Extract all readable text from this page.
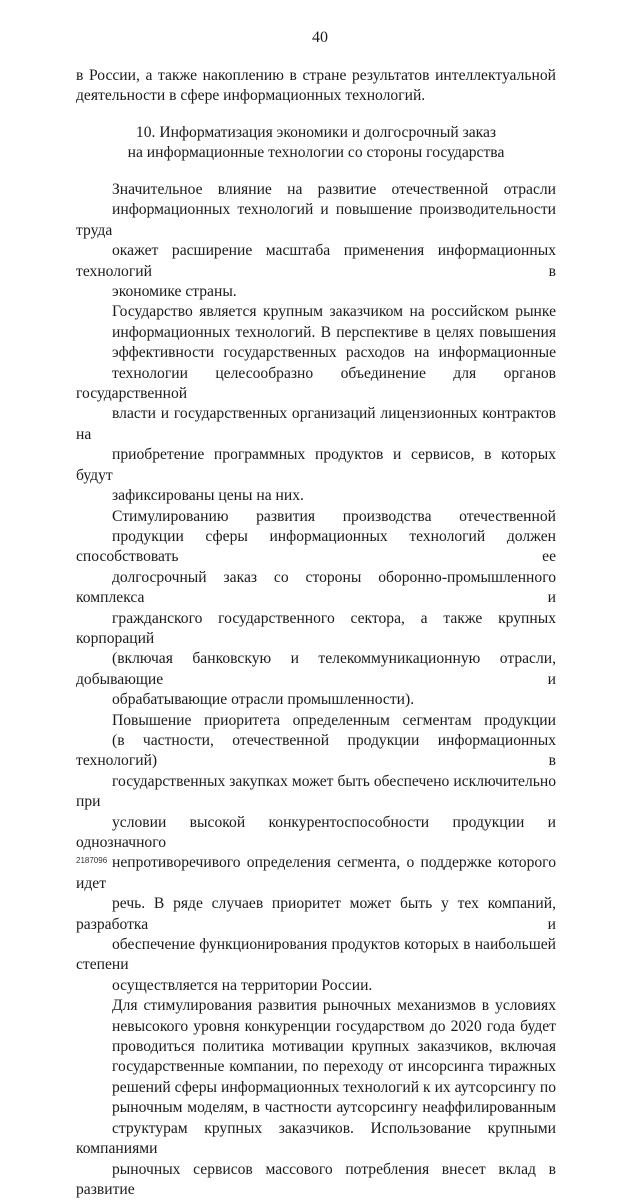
40

в России, а также накоплению в стране результатов интеллектуальной
деятельности в сфере информационных технологий.

10. Информатизация экономики и долгосрочный заказ
на информационные технологии со стороны государства

Значительное влияние на развитие отечественной отрасли
информационных технологий и повышение производительности труда
окажет расширение масштаба применения информационных технологий в
экономике страны.

Государство является крупным заказчиком на российском рынке
информационных технологий. В перспективе в целях повышения
эффективности государственных расходов на информационные
технологии целесообразно объединение для органов государственной
власти и государственных организаций лицензионных контрактов на
приобретение программных продуктов и сервисов, в которых будут
зафиксированы цены на них.

Стимулированию развития производства отечественной
продукции сферы информационных технологий должен способствовать ее
долгосрочный заказ со стороны оборонно-промышленного комплекса и
гражданского государственного сектора, а также крупных корпораций
(включая банковскую и телекоммуникационную отрасли, добывающие и
обрабатывающие отрасли промышленности).

Повышение приоритета определенным сегментам продукции
(в частности, отечественной продукции информационных технологий) в
государственных закупках может быть обеспечено исключительно при
условии высокой конкурентоспособности продукции и однозначного
непротиворечивого определения сегмента, о поддержке которого идет
речь. В ряде случаев приоритет может быть у тех компаний, разработка и
обеспечение функционирования продуктов которых в наибольшей степени
осуществляется на территории России.

Для стимулирования развития рыночных механизмов в условиях
невысокого уровня конкуренции государством до 2020 года будет
проводиться политика мотивации крупных заказчиков, включая
государственные компании, по переходу от инсорсинга тиражных
решений сферы информационных технологий к их аутсорсингу по
рыночным моделям, в частности аутсорсингу неаффилированным
структурам крупных заказчиков. Использование крупными компаниями
рыночных сервисов массового потребления внесет вклад в развитие

2187096
